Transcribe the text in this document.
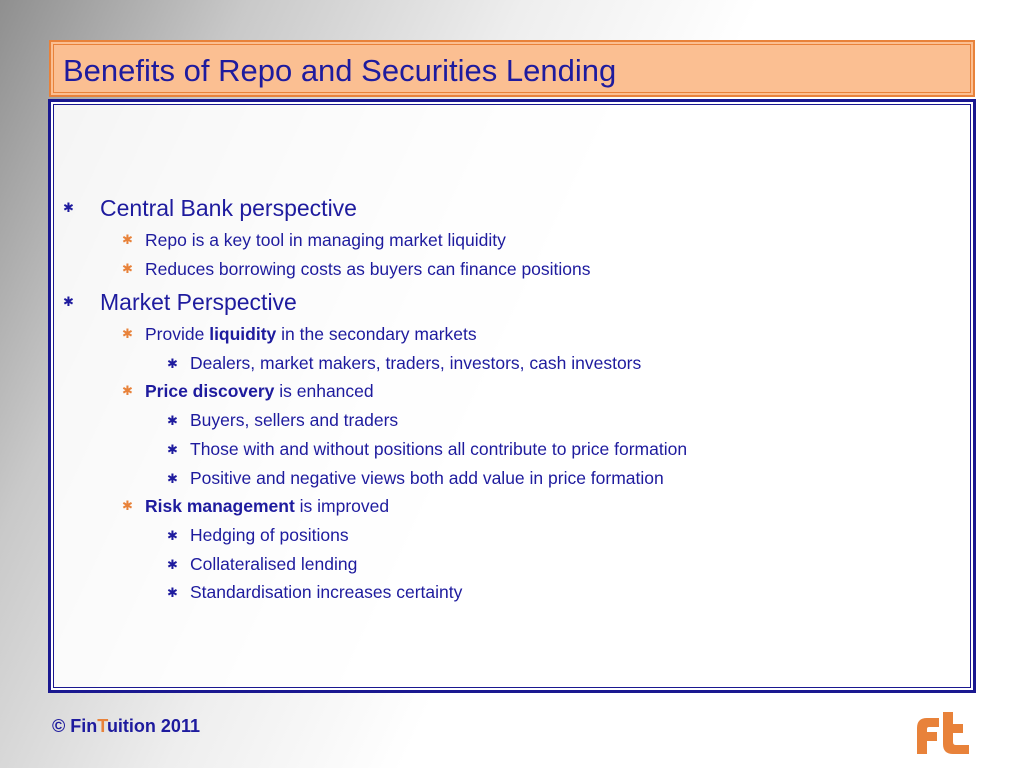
Benefits of Repo and Securities Lending
✱ Central Bank perspective
✱ Repo is a key tool in managing market liquidity
✱ Reduces borrowing costs as buyers can finance positions
✱ Market Perspective
✱ Provide liquidity in the secondary markets
✱ Dealers, market makers, traders, investors, cash investors
✱ Price discovery is enhanced
✱ Buyers, sellers and traders
✱ Those with and without positions all contribute to price formation
✱ Positive and negative views both add value in price formation
✱ Risk management is improved
✱ Hedging of positions
✱ Collateralised lending
✱ Standardisation increases certainty
© FinTuition 2011
